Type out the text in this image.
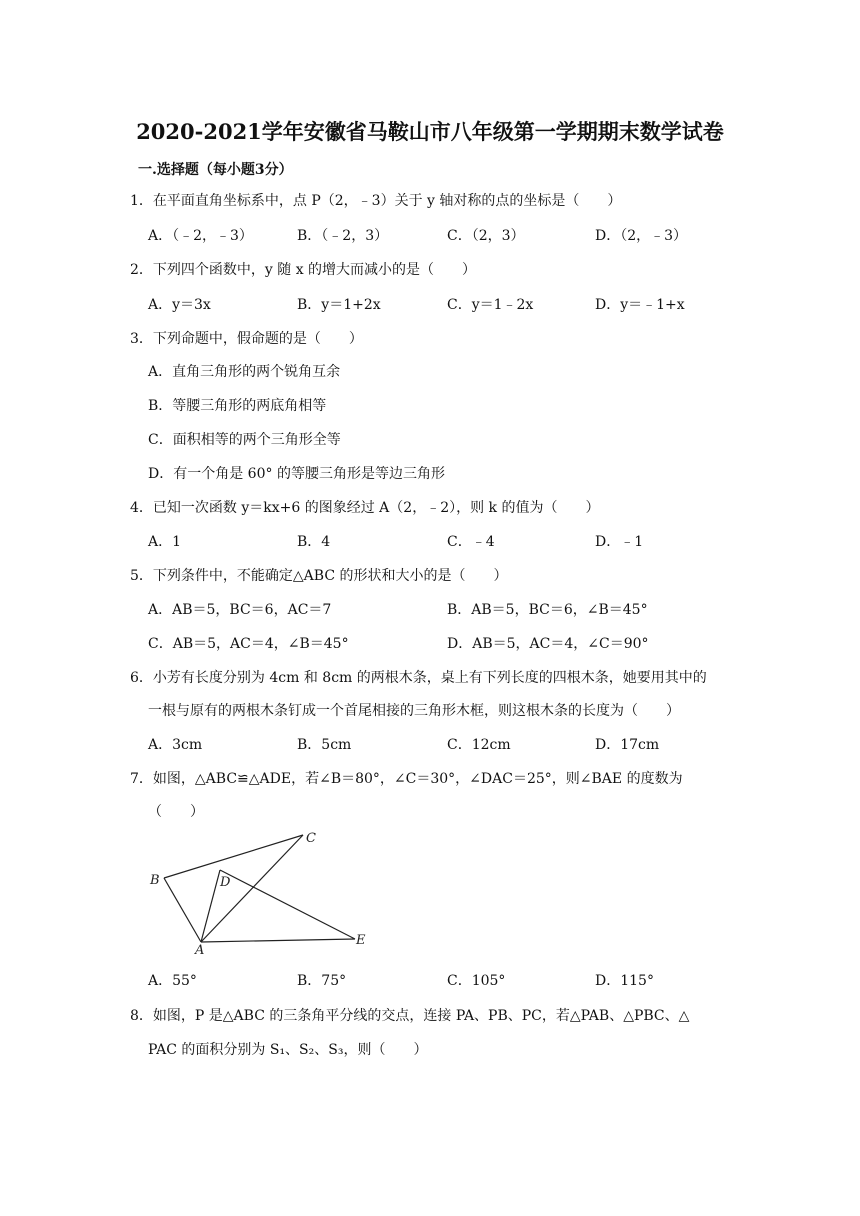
2020-2021学年安徽省马鞍山市八年级第一学期期末数学试卷
一.选择题（每小题3分）
1．在平面直角坐标系中，点 P（2，﹣3）关于 y 轴对称的点的坐标是（　　）
A．（﹣2，﹣3）	B．（﹣2，3）	C．（2，3）	D．（2，﹣3）
2．下列四个函数中，y 随 x 的增大而减小的是（　　）
A．y＝3x	B．y＝1+2x	C．y＝1﹣2x	D．y＝﹣1+x
3．下列命题中，假命题的是（　　）
A．直角三角形的两个锐角互余
B．等腰三角形的两底角相等
C．面积相等的两个三角形全等
D．有一个角是 60° 的等腰三角形是等边三角形
4．已知一次函数 y＝kx+6 的图象经过 A（2，﹣2），则 k 的值为（　　）
A．1	B．4	C．﹣4	D．﹣1
5．下列条件中，不能确定△ABC 的形状和大小的是（　　）
A．AB＝5，BC＝6，AC＝7	B．AB＝5，BC＝6，∠B＝45°
C．AB＝5，AC＝4，∠B＝45°	D．AB＝5，AC＝4，∠C＝90°
6．小芳有长度分别为 4cm 和 8cm 的两根木条，桌上有下列长度的四根木条，她要用其中的
一根与原有的两根木条钉成一个首尾相接的三角形木框，则这根木条的长度为（　　）
A．3cm	B．5cm	C．12cm	D．17cm
7．如图，△ABC≌△ADE，若∠B＝80°，∠C＝30°，∠DAC＝25°，则∠BAE 的度数为
（　　）
C
B	D
A
E
A．55°	B．75°	C．105°	D．115°
8．如图，P 是△ABC 的三条角平分线的交点，连接 PA、PB、PC，若△PAB、△PBC、△
PAC 的面积分别为 S₁、S₂、S₃，则（　　）
